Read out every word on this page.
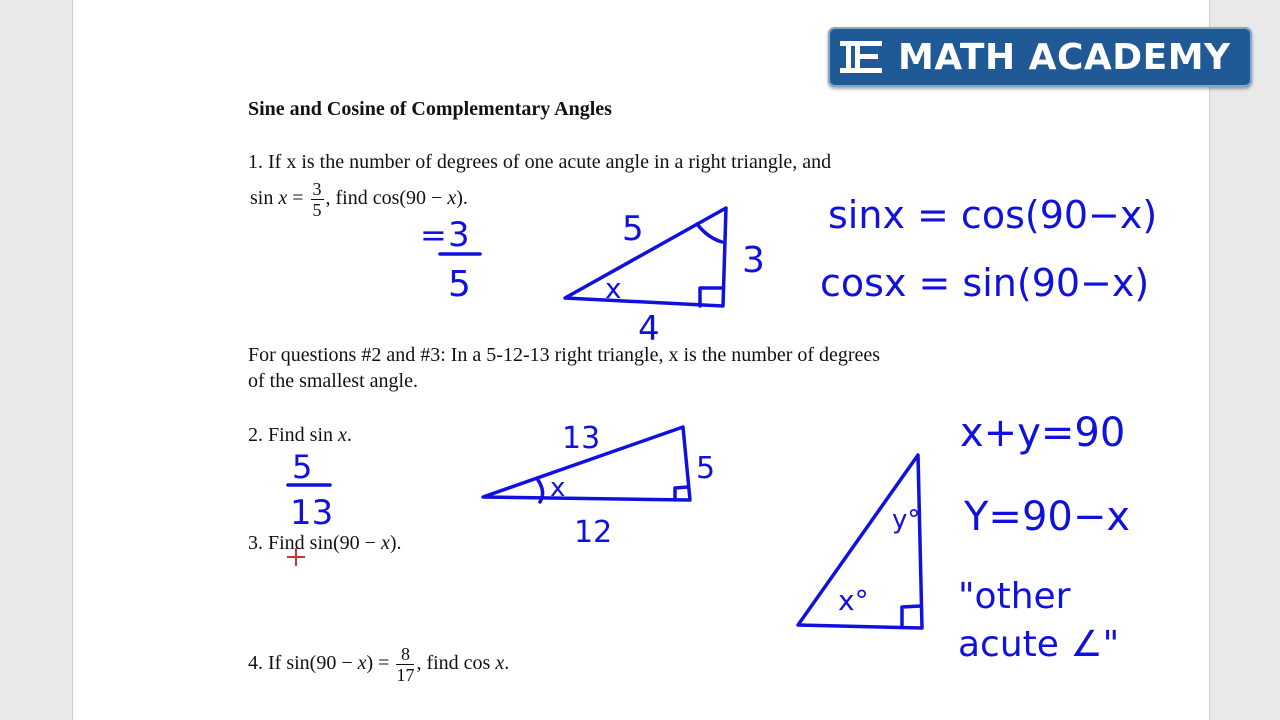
MATH ACADEMY
Sine and Cosine of Complementary Angles
1. If x is the number of degrees of one acute angle in a right triangle, and
$\sin x = \frac{3}{5}$ , find cos(90 − x).
For questions #2 and #3: In a 5-12-13 right triangle, x is the number of degrees
of the smallest angle.
2. Find sin x.
3. Find sin(90 − x).
4. If $\sin(90 - x) = \frac{8}{17}$ , find cos x.
= 3
5
5
3
4
x
sinx = cos(90−x)
cosx = sin(90−x)
5
13
13
5
12
x
x°
y°
x+y=90
Y=90−x
"other
acute ∠"
